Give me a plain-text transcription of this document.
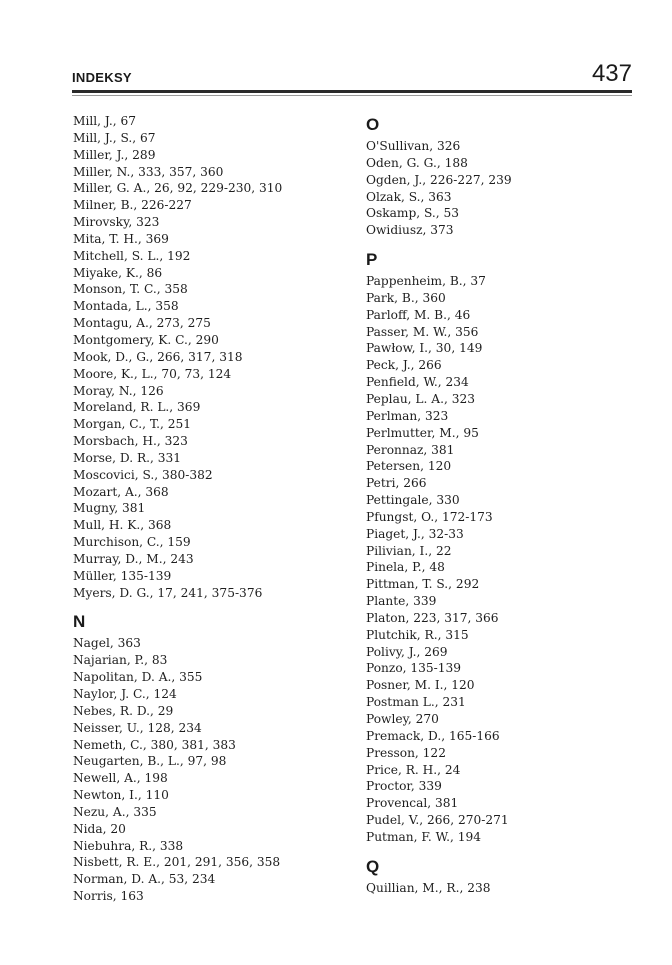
INDEKSY	437
Mill, J., 67
Mill, J., S., 67
Miller, J., 289
Miller, N., 333, 357, 360
Miller, G. A., 26, 92, 229-230, 310
Milner, B., 226-227
Mirovsky, 323
Mita, T. H., 369
Mitchell, S. L., 192
Miyake, K., 86
Monson, T. C., 358
Montada, L., 358
Montagu, A., 273, 275
Montgomery, K. C., 290
Mook, D., G., 266, 317, 318
Moore, K., L., 70, 73, 124
Moray, N., 126
Moreland, R. L., 369
Morgan, C., T., 251
Morsbach, H., 323
Morse, D. R., 331
Moscovici, S., 380-382
Mozart, A., 368
Mugny, 381
Mull, H. K., 368
Murchison, C., 159
Murray, D., M., 243
Müller, 135-139
Myers, D. G., 17, 241, 375-376
N
Nagel, 363
Najarian, P., 83
Napolitan, D. A., 355
Naylor, J. C., 124
Nebes, R. D., 29
Neisser, U., 128, 234
Nemeth, C., 380, 381, 383
Neugarten, B., L., 97, 98
Newell, A., 198
Newton, I., 110
Nezu, A., 335
Nida, 20
Niebuhra, R., 338
Nisbett, R. E., 201, 291, 356, 358
Norman, D. A., 53, 234
Norris, 163
O
O'Sullivan, 326
Oden, G. G., 188
Ogden, J., 226-227, 239
Olzak, S., 363
Oskamp, S., 53
Owidiusz, 373
P
Pappenheim, B., 37
Park, B., 360
Parloff, M. B., 46
Passer, M. W., 356
Pawłow, I., 30, 149
Peck, J., 266
Penfield, W., 234
Peplau, L. A., 323
Perlman, 323
Perlmutter, M., 95
Peronnaz, 381
Petersen, 120
Petri, 266
Pettingale, 330
Pfungst, O., 172-173
Piaget, J., 32-33
Pilivian, I., 22
Pinela, P., 48
Pittman, T. S., 292
Plante, 339
Platon, 223, 317, 366
Plutchik, R., 315
Polivy, J., 269
Ponzo, 135-139
Posner, M. I., 120
Postman L., 231
Powley, 270
Premack, D., 165-166
Presson, 122
Price, R. H., 24
Proctor, 339
Provencal, 381
Pudel, V., 266, 270-271
Putman, F. W., 194
Q
Quillian, M., R., 238
